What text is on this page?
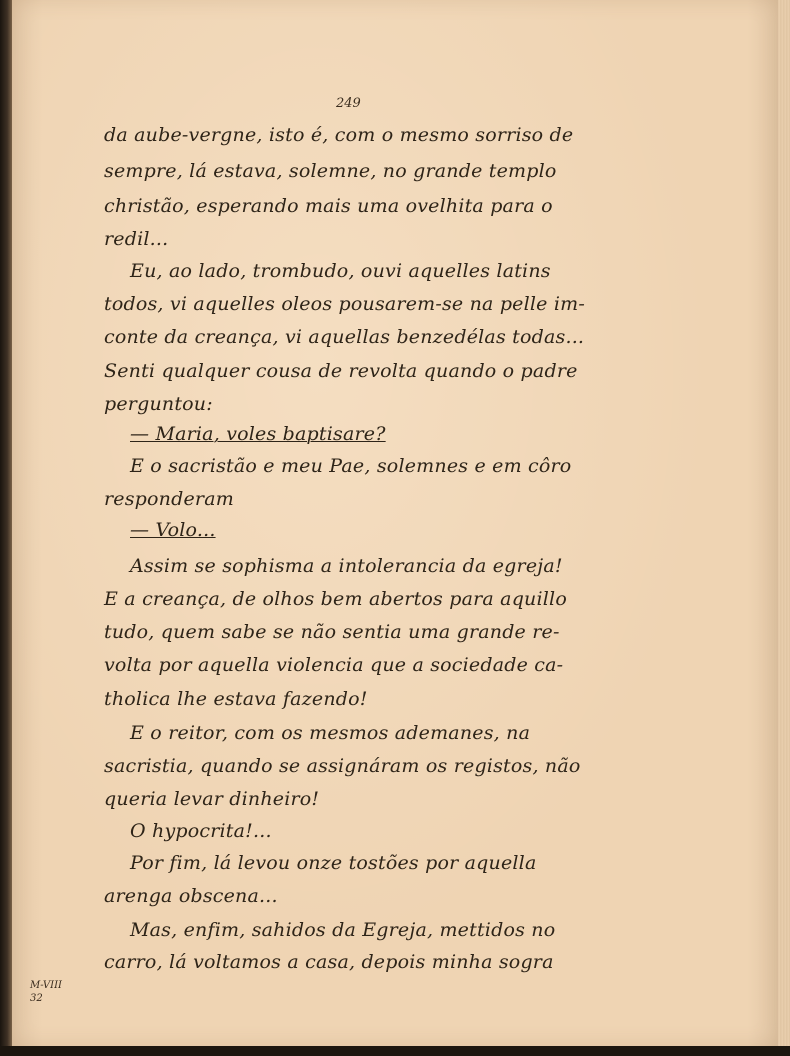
249
da aube-vergne, isto é, com o mesmo sorriso de
sempre, lá estava, solemne, no grande templo
christão, esperando mais uma ovelhita para o
redil...
Eu, ao lado, trombudo, ouvi aquelles latins
todos, vi aquelles oleos pousarem-se na pelle im-
conte da creança, vi aquellas benzedélas todas...
Senti qualquer cousa de revolta quando o padre
perguntou:
— Maria, voles baptisare?
E o sacristão e meu Pae, solemnes e em côro
responderam
— Volo...
Assim se sophisma a intolerancia da egreja!
E a creança, de olhos bem abertos para aquillo
tudo, quem sabe se não sentia uma grande re-
volta por aquella violencia que a sociedade ca-
tholica lhe estava fazendo!
E o reitor, com os mesmos ademanes, na
sacristia, quando se assignáram os registos, não
queria levar dinheiro!
O hypocrita!...
Por fim, lá levou onze tostões por aquella
arenga obscena...
Mas, enfim, sahidos da Egreja, mettidos no
carro, lá voltamos a casa, depois minha sogra
M-VIII
32
